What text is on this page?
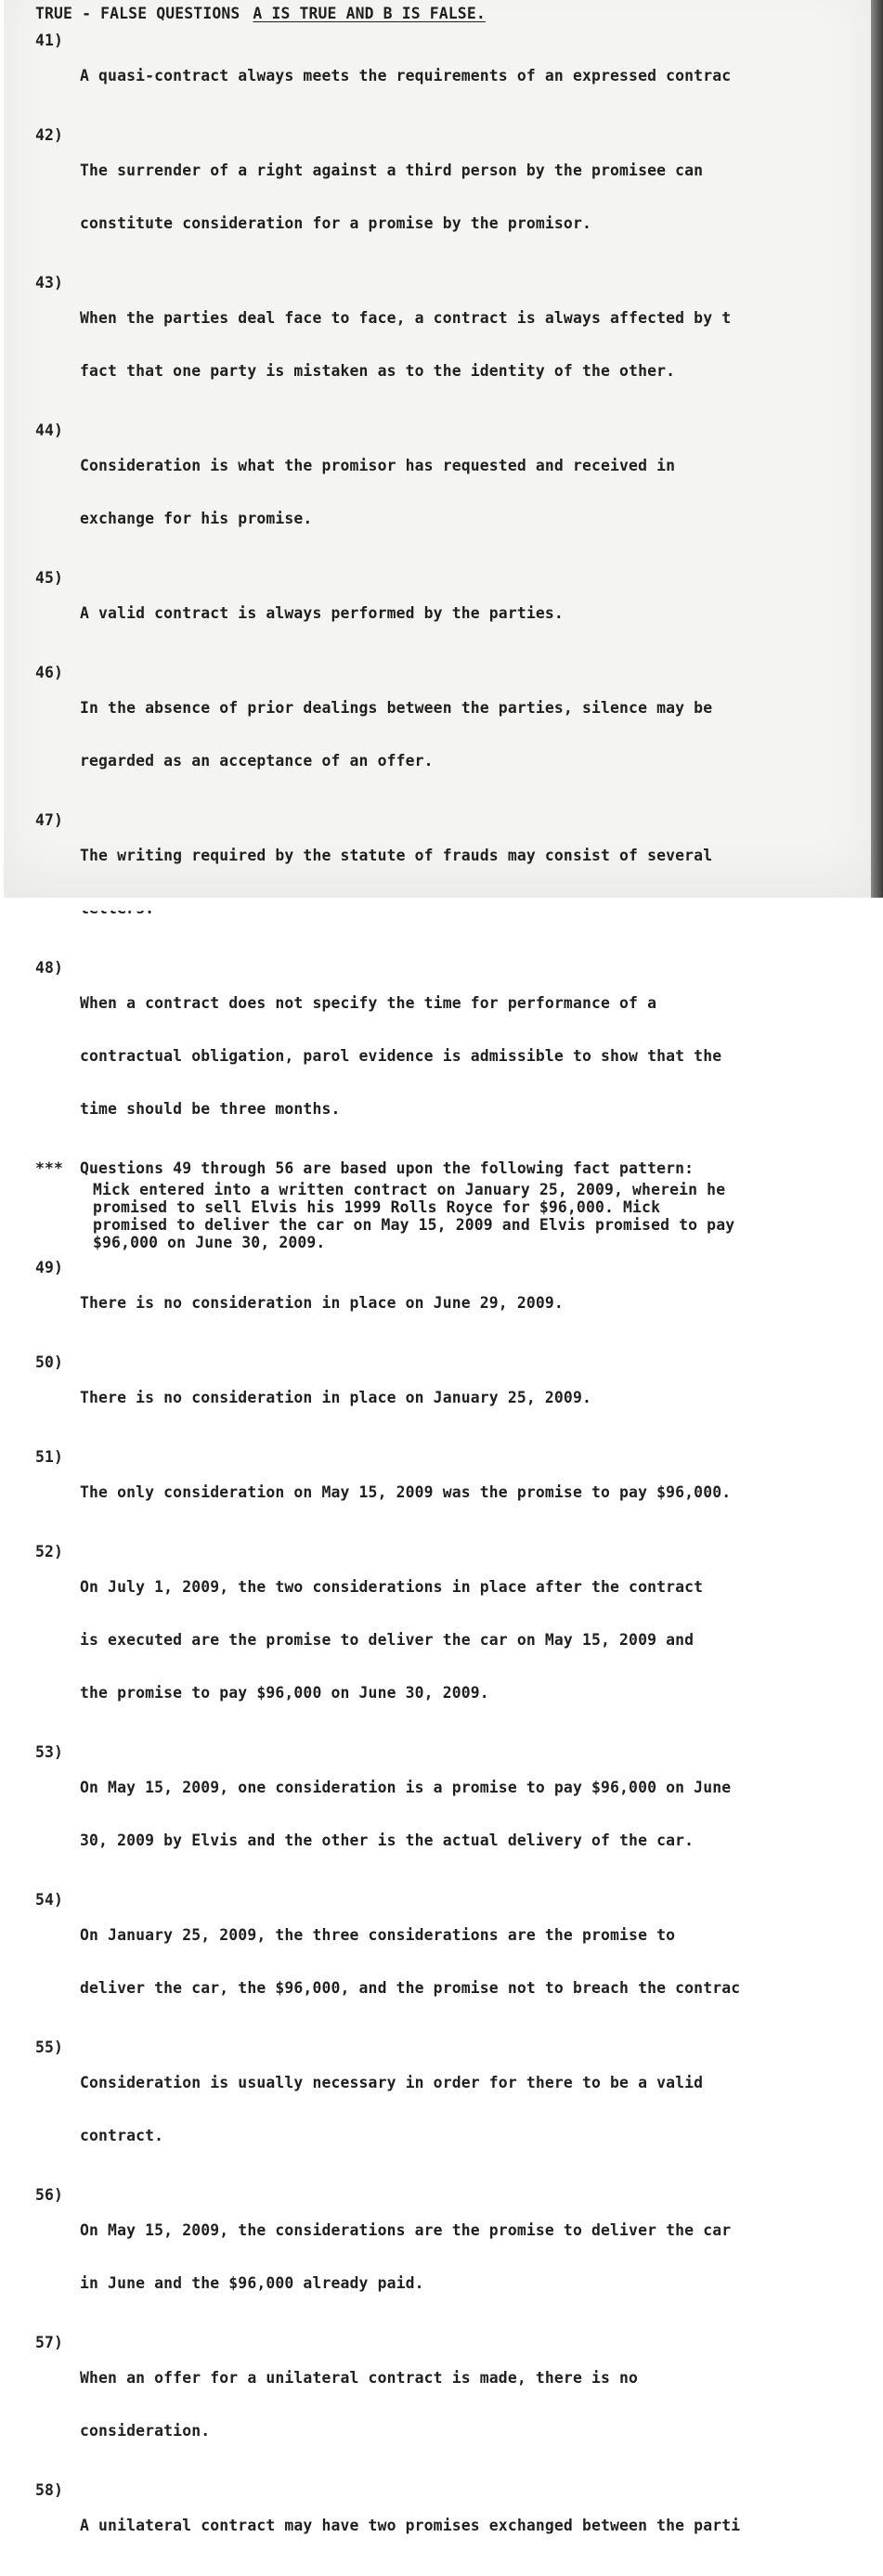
TRUE - FALSE QUESTIONS A IS TRUE AND B IS FALSE.
41)

A quasi-contract always meets the requirements of an expressed contrac

42)

The surrender of a right against a third person by the promisee can

constitute consideration for a promise by the promisor.

43)

When the parties deal face to face, a contract is always affected by t

fact that one party is mistaken as to the identity of the other.

44)

Consideration is what the promisor has requested and received in

exchange for his promise.

45)

A valid contract is always performed by the parties.

46)

In the absence of prior dealings between the parties, silence may be

regarded as an acceptance of an offer.

47)

The writing required by the statute of frauds may consist of several

48)

When a contract does not specify the time for performance of a

contractual obligation, parol evidence is admissible to show that the

time should be three months.

***	Questions 49 through 56 are based upon the following fact pattern:
Mick entered into a written contract on January 25, 2009, wherein he
promised to sell Elvis his 1999 Rolls Royce for $96,000. Mick
promised to deliver the car on May 15, 2009 and Elvis promised to pay
$96,000 on June 30, 2009.
49)

There is no consideration in place on June 29, 2009.

50)

There is no consideration in place on January 25, 2009.

51)

The only consideration on May 15, 2009 was the promise to pay $96,000.

52)

On July 1, 2009, the two considerations in place after the contract

is executed are the promise to deliver the car on May 15, 2009 and

the promise to pay $96,000 on June 30, 2009.

53)

On May 15, 2009, one consideration is a promise to pay $96,000 on June

30, 2009 by Elvis and the other is the actual delivery of the car.

54)

On January 25, 2009, the three considerations are the promise to

deliver the car, the $96,000, and the promise not to breach the contrac

55)

Consideration is usually necessary in order for there to be a valid

contract.

56)

On May 15, 2009, the considerations are the promise to deliver the car

in June and the $96,000 already paid.

57)

When an offer for a unilateral contract is made, there is no

consideration.

58)

A unilateral contract may have two promises exchanged between the parti
